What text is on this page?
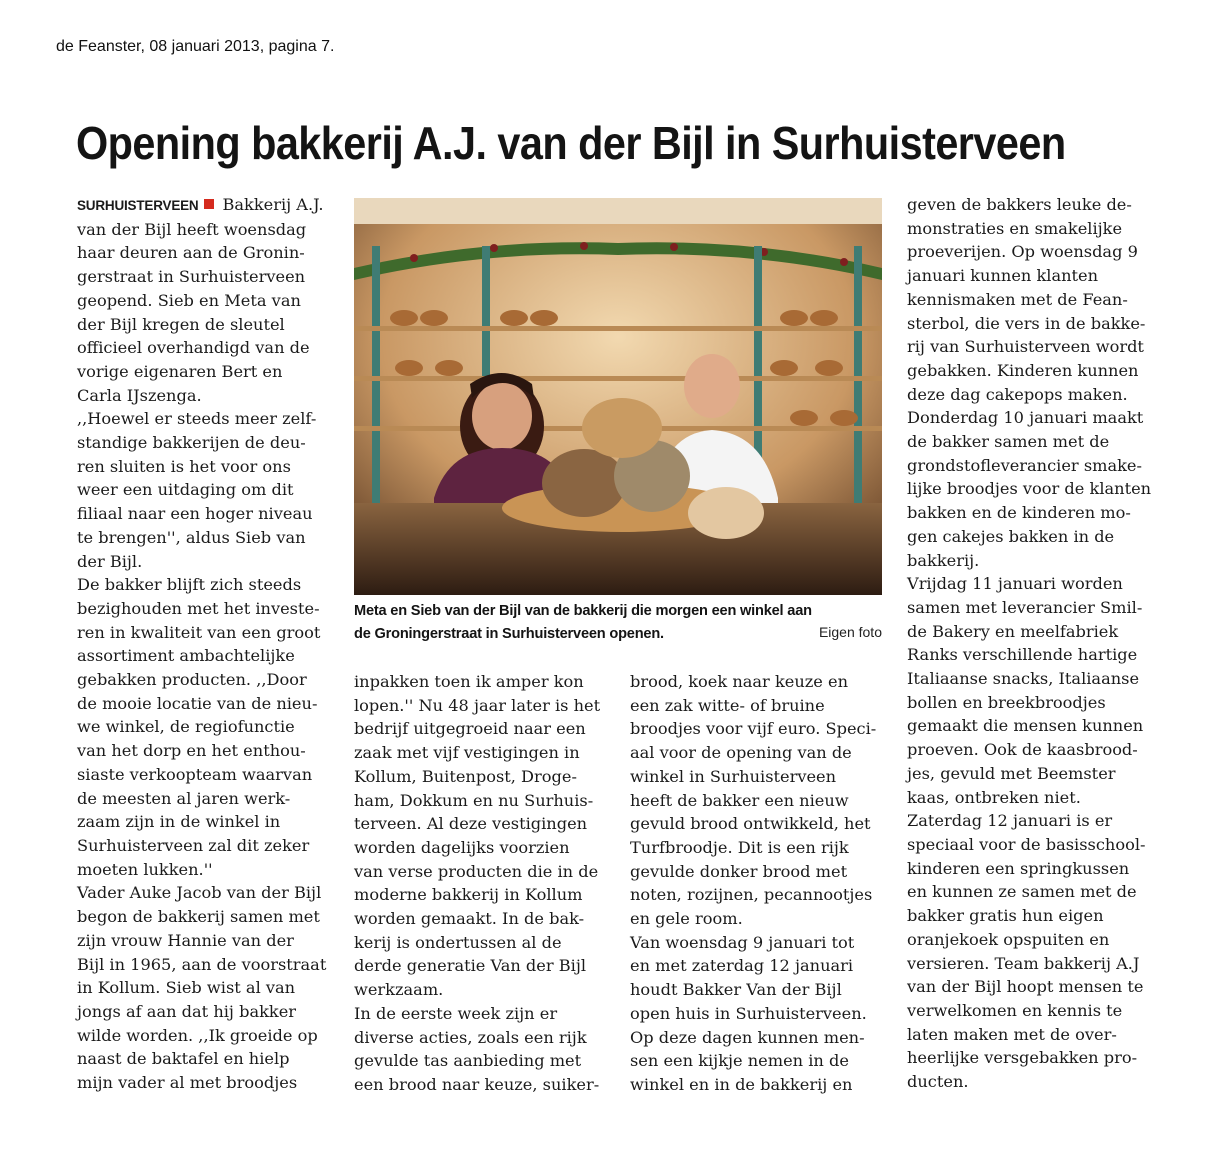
de Feanster, 08 januari 2013, pagina 7.
Opening bakkerij A.J. van der Bijl in Surhuisterveen
SURHUISTERVEEN Bakkerij A.J.
van der Bijl heeft woensdag
haar deuren aan de Gronin-
gerstraat in Surhuisterveen
geopend. Sieb en Meta van
der Bijl kregen de sleutel
officieel overhandigd van de
vorige eigenaren Bert en
Carla IJszenga.
,,Hoewel er steeds meer zelf-
standige bakkerijen de deu-
ren sluiten is het voor ons
weer een uitdaging om dit
filiaal naar een hoger niveau
te brengen'', aldus Sieb van
der Bijl.
De bakker blijft zich steeds
bezighouden met het investe-
ren in kwaliteit van een groot
assortiment ambachtelijke
gebakken producten. ,,Door
de mooie locatie van de nieu-
we winkel, de regiofunctie
van het dorp en het enthou-
siaste verkoopteam waarvan
de meesten al jaren werk-
zaam zijn in de winkel in
Surhuisterveen zal dit zeker
moeten lukken.''
Vader Auke Jacob van der Bijl
begon de bakkerij samen met
zijn vrouw Hannie van der
Bijl in 1965, aan de voorstraat
in Kollum. Sieb wist al van
jongs af aan dat hij bakker
wilde worden. ,,Ik groeide op
naast de baktafel en hielp
mijn vader al met broodjes
Meta en Sieb van der Bijl van de bakkerij die morgen een winkel aan
de Groningerstraat in Surhuisterveen openen.	Eigen foto
inpakken toen ik amper kon
lopen.'' Nu 48 jaar later is het
bedrijf uitgegroeid naar een
zaak met vijf vestigingen in
Kollum, Buitenpost, Droge-
ham, Dokkum en nu Surhuis-
terveen. Al deze vestigingen
worden dagelijks voorzien
van verse producten die in de
moderne bakkerij in Kollum
worden gemaakt. In de bak-
kerij is ondertussen al de
derde generatie Van der Bijl
werkzaam.
In de eerste week zijn er
diverse acties, zoals een rijk
gevulde tas aanbieding met
een brood naar keuze, suiker-
brood, koek naar keuze en
een zak witte- of bruine
broodjes voor vijf euro. Speci-
aal voor de opening van de
winkel in Surhuisterveen
heeft de bakker een nieuw
gevuld brood ontwikkeld, het
Turfbroodje. Dit is een rijk
gevulde donker brood met
noten, rozijnen, pecannootjes
en gele room.
Van woensdag 9 januari tot
en met zaterdag 12 januari
houdt Bakker Van der Bijl
open huis in Surhuisterveen.
Op deze dagen kunnen men-
sen een kijkje nemen in de
winkel en in de bakkerij en
geven de bakkers leuke de-
monstraties en smakelijke
proeverijen. Op woensdag 9
januari kunnen klanten
kennismaken met de Fean-
sterbol, die vers in de bakke-
rij van Surhuisterveen wordt
gebakken. Kinderen kunnen
deze dag cakepops maken.
Donderdag 10 januari maakt
de bakker samen met de
grondstofleverancier smake-
lijke broodjes voor de klanten
bakken en de kinderen mo-
gen cakejes bakken in de
bakkerij.
Vrijdag 11 januari worden
samen met leverancier Smil-
de Bakery en meelfabriek
Ranks verschillende hartige
Italiaanse snacks, Italiaanse
bollen en breekbroodjes
gemaakt die mensen kunnen
proeven. Ook de kaasbrood-
jes, gevuld met Beemster
kaas, ontbreken niet.
Zaterdag 12 januari is er
speciaal voor de basisschool-
kinderen een springkussen
en kunnen ze samen met de
bakker gratis hun eigen
oranjekoek opspuiten en
versieren. Team bakkerij A.J
van der Bijl hoopt mensen te
verwelkomen en kennis te
laten maken met de over-
heerlijke versgebakken pro-
ducten.
